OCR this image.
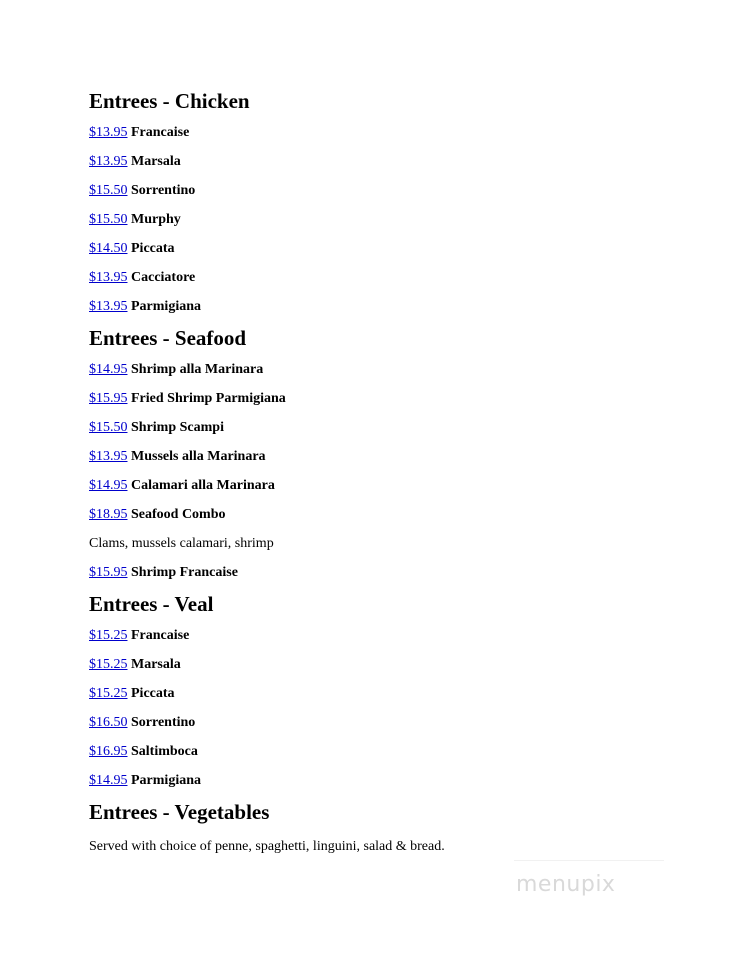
Entrees - Chicken
$13.95 Francaise
$13.95 Marsala
$15.50 Sorrentino
$15.50 Murphy
$14.50 Piccata
$13.95 Cacciatore
$13.95 Parmigiana
Entrees - Seafood
$14.95 Shrimp alla Marinara
$15.95 Fried Shrimp Parmigiana
$15.50 Shrimp Scampi
$13.95 Mussels alla Marinara
$14.95 Calamari alla Marinara
$18.95 Seafood Combo
Clams, mussels calamari, shrimp
$15.95 Shrimp Francaise
Entrees - Veal
$15.25 Francaise
$15.25 Marsala
$15.25 Piccata
$16.50 Sorrentino
$16.95 Saltimboca
$14.95 Parmigiana
Entrees - Vegetables
Served with choice of penne, spaghetti, linguini, salad & bread.
menupix
